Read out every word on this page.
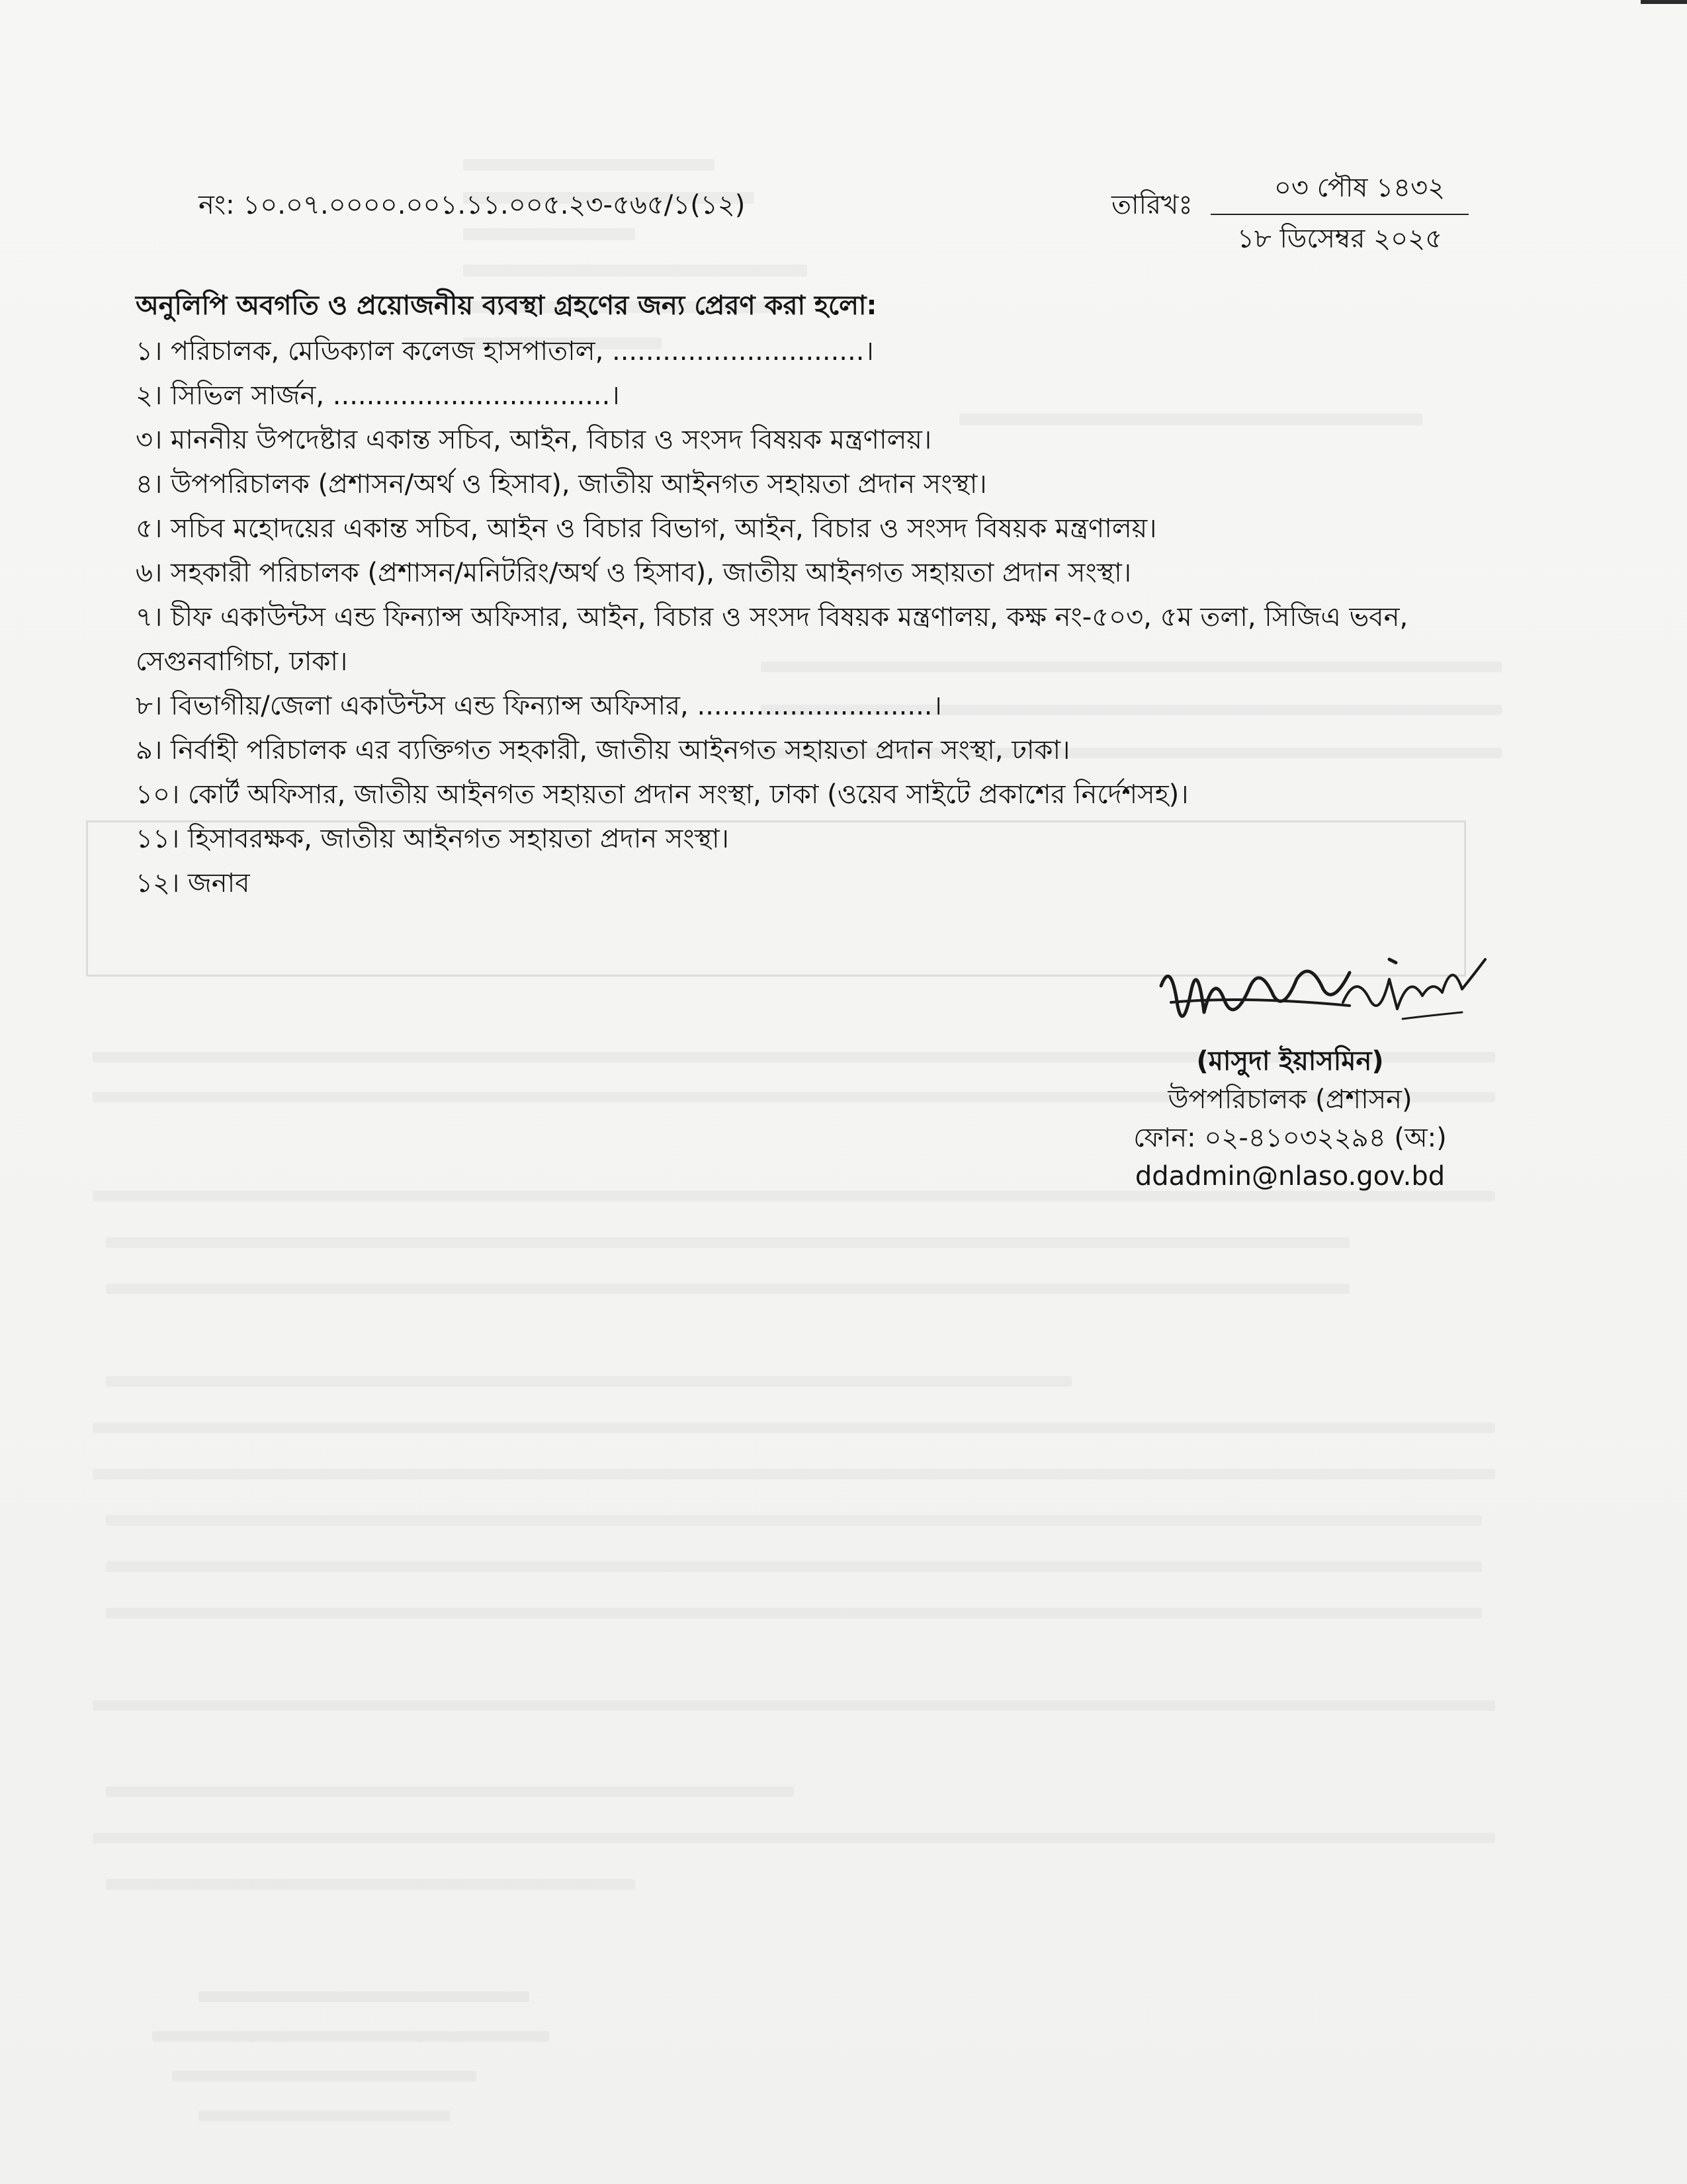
নং: ১০.০৭.০০০০.০০১.১১.০০৫.২৩-৫৬৫/১(১২)	তারিখঃ
০৩ পৌষ ১৪৩২
১৮ ডিসেম্বর ২০২৫
অনুলিপি অবগতি ও প্রয়োজনীয় ব্যবস্থা গ্রহণের জন্য প্রেরণ করা হলো:
১। পরিচালক, মেডিক্যাল কলেজ হাসপাতাল, ..............................।
২। সিভিল সার্জন, .................................।
৩। মাননীয় উপদেষ্টার একান্ত সচিব, আইন, বিচার ও সংসদ বিষয়ক মন্ত্রণালয়।
৪। উপপরিচালক (প্রশাসন/অর্থ ও হিসাব), জাতীয় আইনগত সহায়তা প্রদান সংস্থা।
৫। সচিব মহোদয়ের একান্ত সচিব, আইন ও বিচার বিভাগ, আইন, বিচার ও সংসদ বিষয়ক মন্ত্রণালয়।
৬। সহকারী পরিচালক (প্রশাসন/মনিটরিং/অর্থ ও হিসাব), জাতীয় আইনগত সহায়তা প্রদান সংস্থা।
৭। চীফ একাউন্টস এন্ড ফিন্যান্স অফিসার, আইন, বিচার ও সংসদ বিষয়ক মন্ত্রণালয়, কক্ষ নং-৫০৩, ৫ম তলা, সিজিএ ভবন, সেগুনবাগিচা, ঢাকা।
৮। বিভাগীয়/জেলা একাউন্টস এন্ড ফিন্যান্স অফিসার, ............................।
৯। নির্বাহী পরিচালক এর ব্যক্তিগত সহকারী, জাতীয় আইনগত সহায়তা প্রদান সংস্থা, ঢাকা।
১০। কোর্ট অফিসার, জাতীয় আইনগত সহায়তা প্রদান সংস্থা, ঢাকা (ওয়েব সাইটে প্রকাশের নির্দেশসহ)।
১১। হিসাবরক্ষক, জাতীয় আইনগত সহায়তা প্রদান সংস্থা।
১২। জনাব
(মাসুদা ইয়াসমিন)
উপপরিচালক (প্রশাসন)
ফোন: ০২-৪১০৩২২৯৪ (অ:)
ddadmin@nlaso.gov.bd
